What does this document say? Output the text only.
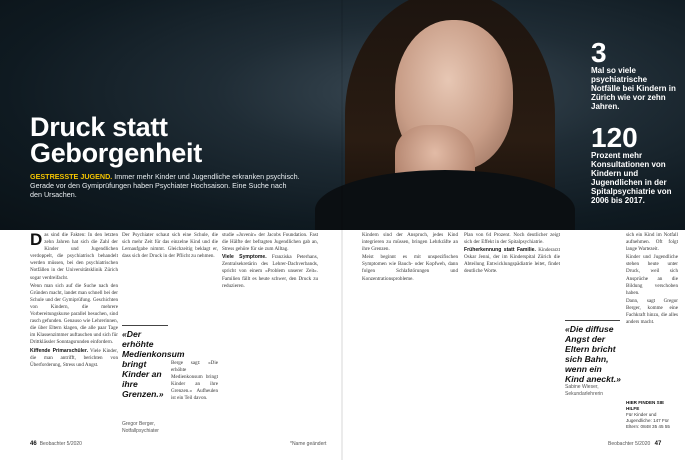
Druck statt
Geborgenheit

GESTRESSTE JUGEND. Immer mehr Kinder und Jugendliche erkranken psychisch. Gerade vor den Gymiprüfungen haben Psychiater Hochsaison. Eine Suche nach den Ursachen.

3
Mal so viele psychiatrische Notfälle bei Kindern in Zürich wie vor zehn Jahren.
120
Prozent mehr Konsultationen von Kindern und Jugendlichen in der Spitalpsychiatrie von 2006 bis 2017.

Das sind die Fakten: In den letzten zehn Jahren hat sich die Zahl der Kinder und Jugendlichen verdoppelt, die psychiatrisch behandelt werden müssen, bei den psychiatrischen Notfällen in der Universitätsklinik Zürich sogar verdreifacht.

Wenn man sich auf die Suche nach den Gründen macht, landet man schnell bei der Schule und der Gymiprüfung. Geschichten von Kindern, die mehrere Vorbereitungskurse parallel besuchen, sind rasch gefunden. Genauso wie Lehrerinnen, die über Eltern klagen, die alle paar Tage im Klassenzimmer auftauchen und sich für Drittklässler Sonntagsrunden einfordern.

Kiffende Primarschüler. Viele Kinder, die man antrifft, berichten von Überforderung, Stress und Angst.

Der Psychiater schaut sich eine Schule, die sich mehr Zeit für das einzelne Kind und die Lernaufgabe nimmt. Gleichzeitig beklagt er, dass sich der Druck in der Pflicht zu nehmen.

Berge sagt: «Die erhöhte Medienkonsum bringt Kinder an ihre Grenzen.» Aufheulen ist ein Teil davon.

«Der erhöhte Medienkonsum bringt Kinder an ihre Grenzen.»
Gregor Berger,
Notfallpsychiater

studie «Juvenir» der Jacobs Foundation. Fast die Hälfte der befragten Jugendlichen gab an, Stress gehöre für sie zum Alltag.

Viele Symptome. Franziska Peterhans, Zentralsekretärin des Lehrer-Dachverbands, spricht von einem «Problem unserer Zeit». Familien fällt es heute schwer, den Druck zu reduzieren.

Kindern sind der Anspruch, jedes Kind integrieren zu müssen, bringen Lehrkräfte an ihre Grenzen.

Meist beginnt es mit unspezifischen Symptomen wie Bauch- oder Kopfweh, dann folgen Schlafstörungen und Konzentrationsprobleme.

Plan von 64 Prozent. Noch deutlicher zeigt sich der Effekt in der Spitalpsychiatrie.

Früherkennung statt Familie. Kinderarzt Oskar Jenni, der im Kinderspital Zürich die Abteilung Entwicklungspädiatrie leitet, findet deutliche Worte.

«Die diffuse Angst der Eltern bricht sich Bahn, wenn ein Kind aneckt.»
Sabine Wieser,
Sekundarlehrerin

sich ein Kind im Notfall aufnehmen. Oft folgt lange Wartezeit.

Kinder und Jugendliche stehen heute unter Druck, weil sich Ansprüche an die Bildung verschoben haben.

Dann, sagt Gregor Berger, komme eine Fachkraft hinzu, die alles anders macht.

HIER FINDEN SIE HILFE
Für Kinder und Jugendliche: 147 Für Eltern: 0848 35 45 55
46 Beobachter 5/2020	*Name geändert	Beobachter 5/2020 47
